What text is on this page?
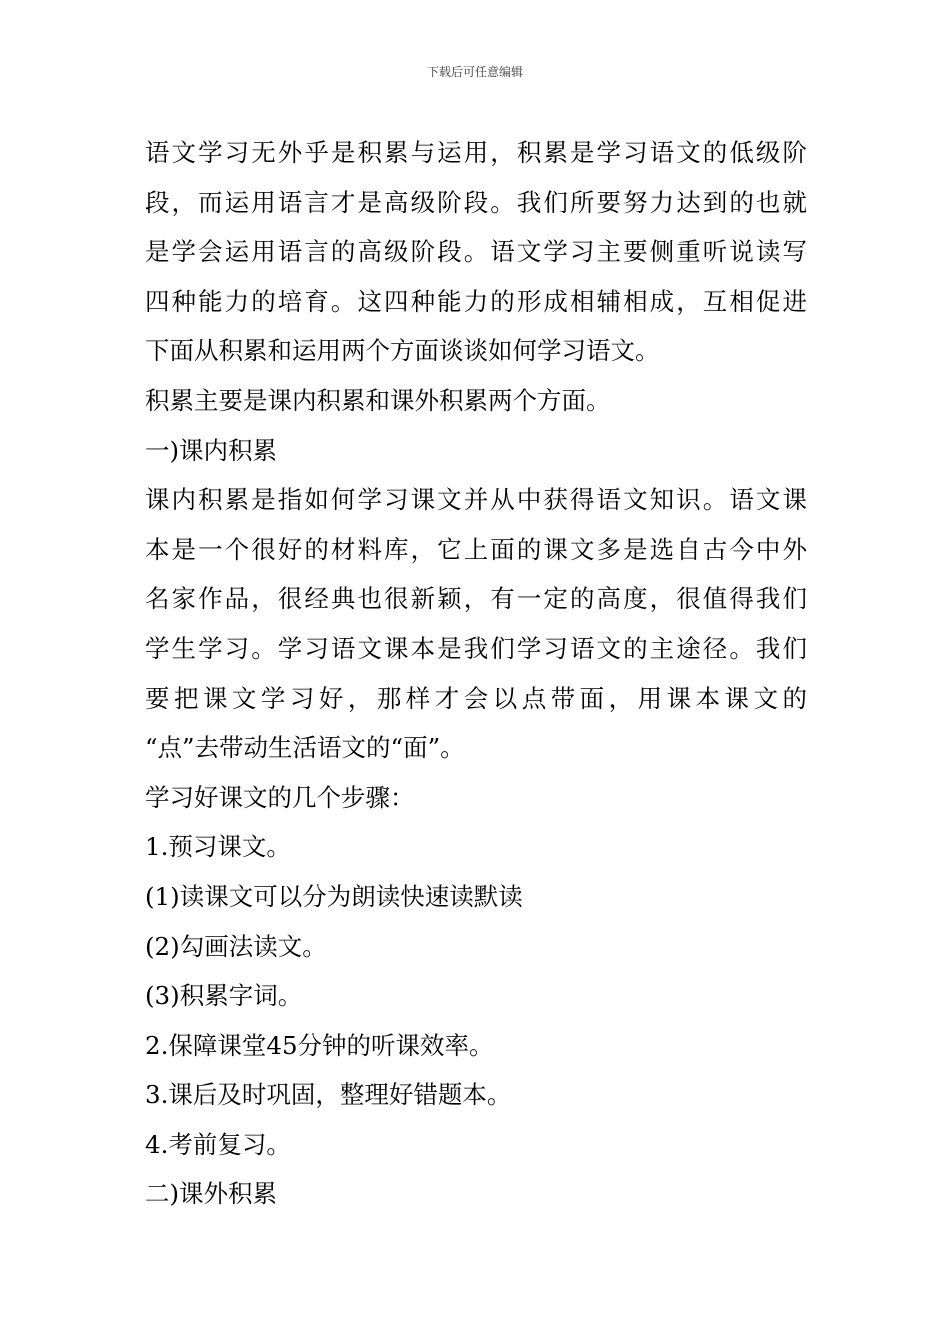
下载后可任意编辑
语文学习无外乎是积累与运用，积累是学习语文的低级阶
段，而运用语言才是高级阶段。我们所要努力达到的也就
是学会运用语言的高级阶段。语文学习主要侧重听说读写
四种能力的培育。这四种能力的形成相辅相成，互相促进
下面从积累和运用两个方面谈谈如何学习语文。
积累主要是课内积累和课外积累两个方面。
一)课内积累
课内积累是指如何学习课文并从中获得语文知识。语文课
本是一个很好的材料库，它上面的课文多是选自古今中外
名家作品，很经典也很新颖，有一定的高度，很值得我们
学生学习。学习语文课本是我们学习语文的主途径。我们
要把课文学习好，那样才会以点带面，用课本课文的
“点”去带动生活语文的“面”。
学习好课文的几个步骤：
1.预习课文。
(1)读课文可以分为朗读快速读默读
(2)勾画法读文。
(3)积累字词。
2.保障课堂45分钟的听课效率。
3.课后及时巩固，整理好错题本。
4.考前复习。
二)课外积累
